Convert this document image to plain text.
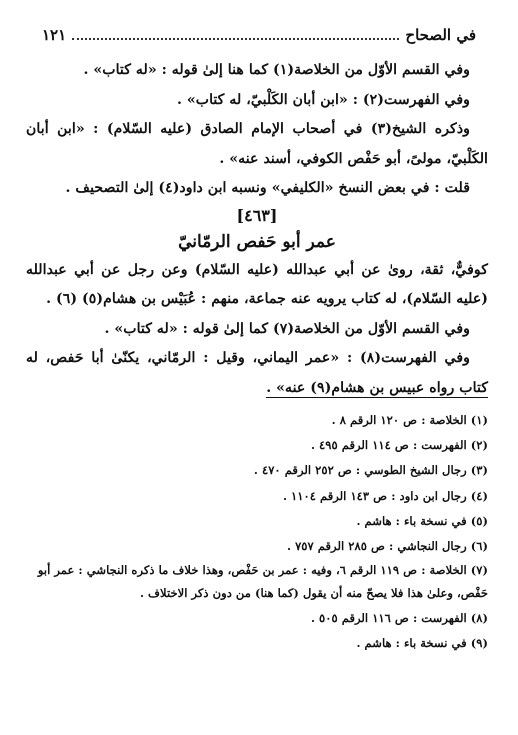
في الصحاح
١٢١

وفي القسم الأوّل من الخلاصة(١) كما هنا إلىٰ قوله : «له كتاب» .

وفي الفهرست(٢) : «ابن أبان الكَلْبيّ، له كتاب» .

وذكره الشيخ(٣) في أصحاب الإمام الصادق (عليه السّلام) : «ابن أبان الكَلْبيّ، مولىً، أبو حَفْص الكوفي، أسند عنه» .

قلت : في بعض النسخ «الكليفي» ونسبه ابن داود(٤) إلىٰ التصحيف .

[٤٦٣]

عمر أبو حَفص الرمّانيّ

كوفيٌّ، ثقة، روىٰ عن أبي عبدالله (عليه السّلام) وعن رجل عن أبي عبدالله (عليه السّلام)، له كتاب يرويه عنه جماعة، منهم : عُبَيْس بن هشام(٥) (٦) .

وفي القسم الأوّل من الخلاصة(٧) كما إلىٰ قوله : «له كتاب» .

وفي الفهرست(٨) : «عمر اليماني، وقيل : الرمّاني، يكنّىٰ أبا حَفص، له كتاب رواه عبيس بن هشام(٩) عنه» .

(١) الخلاصة : ص ١٢٠ الرقم ٨ .

(٢) الفهرست : ص ١١٤ الرقم ٤٩٥ .

(٣) رجال الشيخ الطوسي : ص ٢٥٢ الرقم ٤٧٠ .

(٤) رجال ابن داود : ص ١٤٣ الرقم ١١٠٤ .

(٥) في نسخة باء : هاشم .

(٦) رجال النجاشي : ص ٢٨٥ الرقم ٧٥٧ .

(٧) الخلاصة : ص ١١٩ الرقم ٦، وفيه : عمر بن حَفْص، وهذا خلاف ما ذكره النجاشي : عمر أبو حَفْص، وعلىٰ هذا فلا يصحّ منه أن يقول (كما هنا) من دون ذكر الاختلاف .

(٨) الفهرست : ص ١١٦ الرقم ٥٠٥ .

(٩) في نسخة باء : هاشم .
